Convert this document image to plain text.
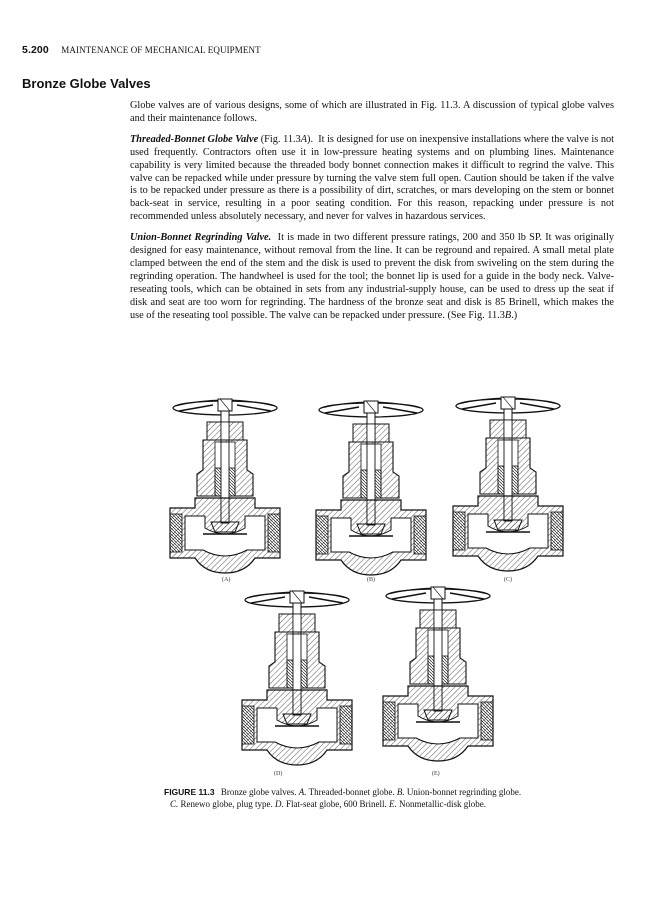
5.200 MAINTENANCE OF MECHANICAL EQUIPMENT
Bronze Globe Valves

Globe valves are of various designs, some of which are illustrated in Fig. 11.3. A discussion of typical globe valves and their maintenance follows.

Threaded-Bonnet Globe Valve (Fig. 11.3A). It is designed for use on inexpensive installations where the valve is not used frequently. Contractors often use it in low-pressure heating systems and on plumbing lines. Maintenance capability is very limited because the threaded body bonnet connection makes it difficult to regrind the valve. This valve can be repacked while under pressure by turning the valve stem full open. Caution should be taken if the valve is to be repacked under pressure as there is a possibility of dirt, scratches, or mars developing on the stem or bonnet back-seat in service, resulting in a poor seating condition. For this reason, repacking under pressure is not recommended unless absolutely necessary, and never for valves in hazardous services.

Union-Bonnet Regrinding Valve. It is made in two different pressure ratings, 200 and 350 lb SP. It was originally designed for easy maintenance, without removal from the line. It can be reground and repaired. A small metal plate clamped between the end of the stem and the disk is used to prevent the disk from swiveling on the stem during the regrinding operation. The handwheel is used for the tool; the bonnet lip is used for a guide in the body neck. Valve-reseating tools, which can be obtained in sets from any industrial-supply house, can be used to dress up the seat if disk and seat are too worn for regrinding. The hardness of the bronze seat and disk is 85 Brinell, which makes the use of the reseating tool possible. The valve can be repacked under pressure. (See Fig. 11.3B.)

(A)	(B)	(C)
(D)	(E)
FIGURE 11.3 Bronze globe valves. A. Threaded-bonnet globe. B. Union-bonnet regrinding globe.
C. Renewo globe, plug type. D. Flat-seat globe, 600 Brinell. E. Nonmetallic-disk globe.
